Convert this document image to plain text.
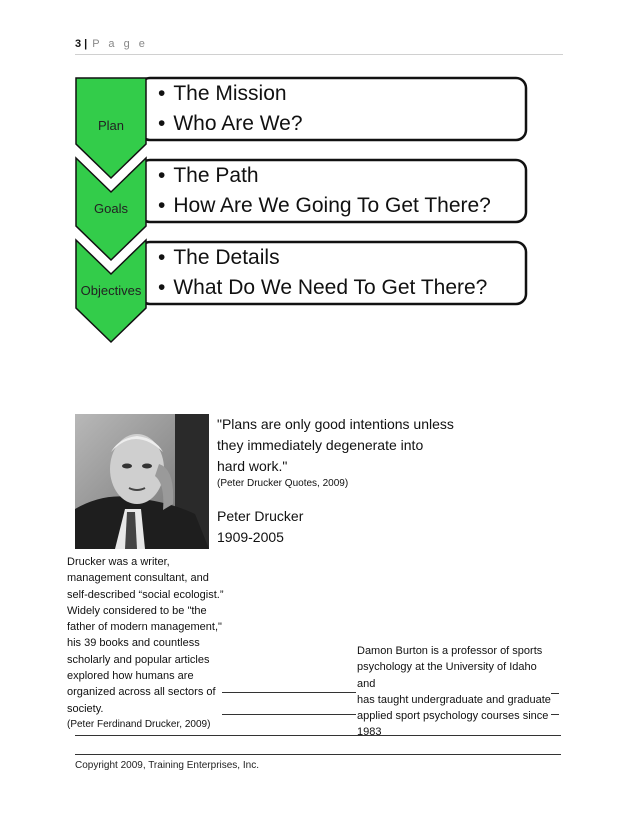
3 | P a g e
Plan
Goals
Objectives
• The Mission
• Who Are We?
• The Path
• How Are We Going To Get There?
• The Details
• What Do We Need To Get There?
"Plans are only good intentions unless
they immediately degenerate into
hard work."
(Peter Drucker Quotes, 2009)
Peter Drucker
1909-2005
Drucker was a writer,
management consultant, and
self-described “social ecologist.”
Widely considered to be "the
father of modern management,"
his 39 books and countless
scholarly and popular articles
explored how humans are
organized across all sectors of
society.
(Peter Ferdinand Drucker, 2009)
Damon Burton is a professor of sports
psychology at the University of Idaho and
has taught undergraduate and graduate
applied sport psychology courses since
1983
Copyright 2009, Training Enterprises, Inc.
